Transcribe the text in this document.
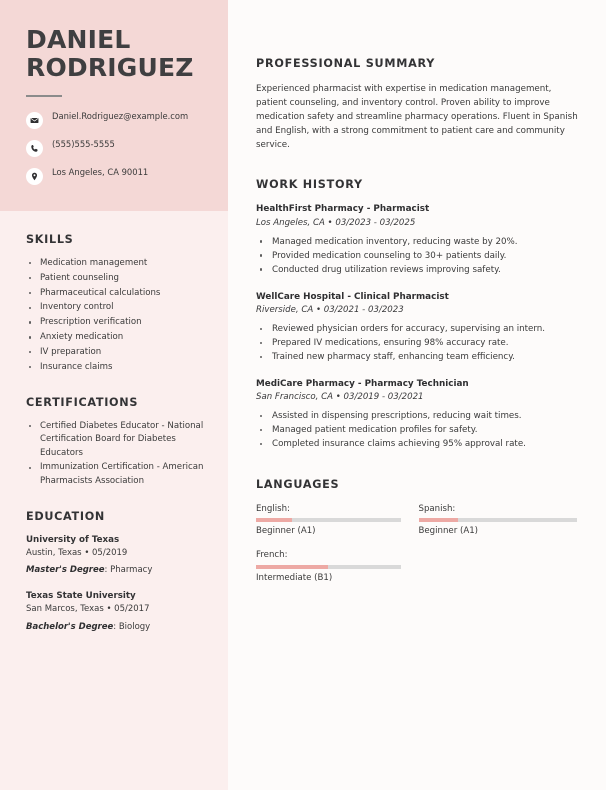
DANIEL
RODRIGUEZ
Daniel.Rodriguez@example.com
(555)555-5555
Los Angeles, CA 90011
SKILLS
Medication management
Patient counseling
Pharmaceutical calculations
Inventory control
Prescription verification
Anxiety medication
IV preparation
Insurance claims
CERTIFICATIONS
Certified Diabetes Educator - National Certification Board for Diabetes Educators
Immunization Certification - American Pharmacists Association
EDUCATION
University of Texas
Austin, Texas • 05/2019
Master's Degree: Pharmacy
Texas State University
San Marcos, Texas • 05/2017
Bachelor's Degree: Biology
PROFESSIONAL SUMMARY

Experienced pharmacist with expertise in medication management, patient counseling, and inventory control. Proven ability to improve medication safety and streamline pharmacy operations. Fluent in Spanish and English, with a strong commitment to patient care and community service.

WORK HISTORY
HealthFirst Pharmacy - Pharmacist
Los Angeles, CA • 03/2023 - 03/2025
Managed medication inventory, reducing waste by 20%.
Provided medication counseling to 30+ patients daily.
Conducted drug utilization reviews improving safety.
WellCare Hospital - Clinical Pharmacist
Riverside, CA • 03/2021 - 03/2023
Reviewed physician orders for accuracy, supervising an intern.
Prepared IV medications, ensuring 98% accuracy rate.
Trained new pharmacy staff, enhancing team efficiency.
MediCare Pharmacy - Pharmacy Technician
San Francisco, CA • 03/2019 - 03/2021
Assisted in dispensing prescriptions, reducing wait times.
Managed patient medication profiles for safety.
Completed insurance claims achieving 95% approval rate.
LANGUAGES
English:
Beginner (A1)
Spanish:
Beginner (A1)
French:
Intermediate (B1)
